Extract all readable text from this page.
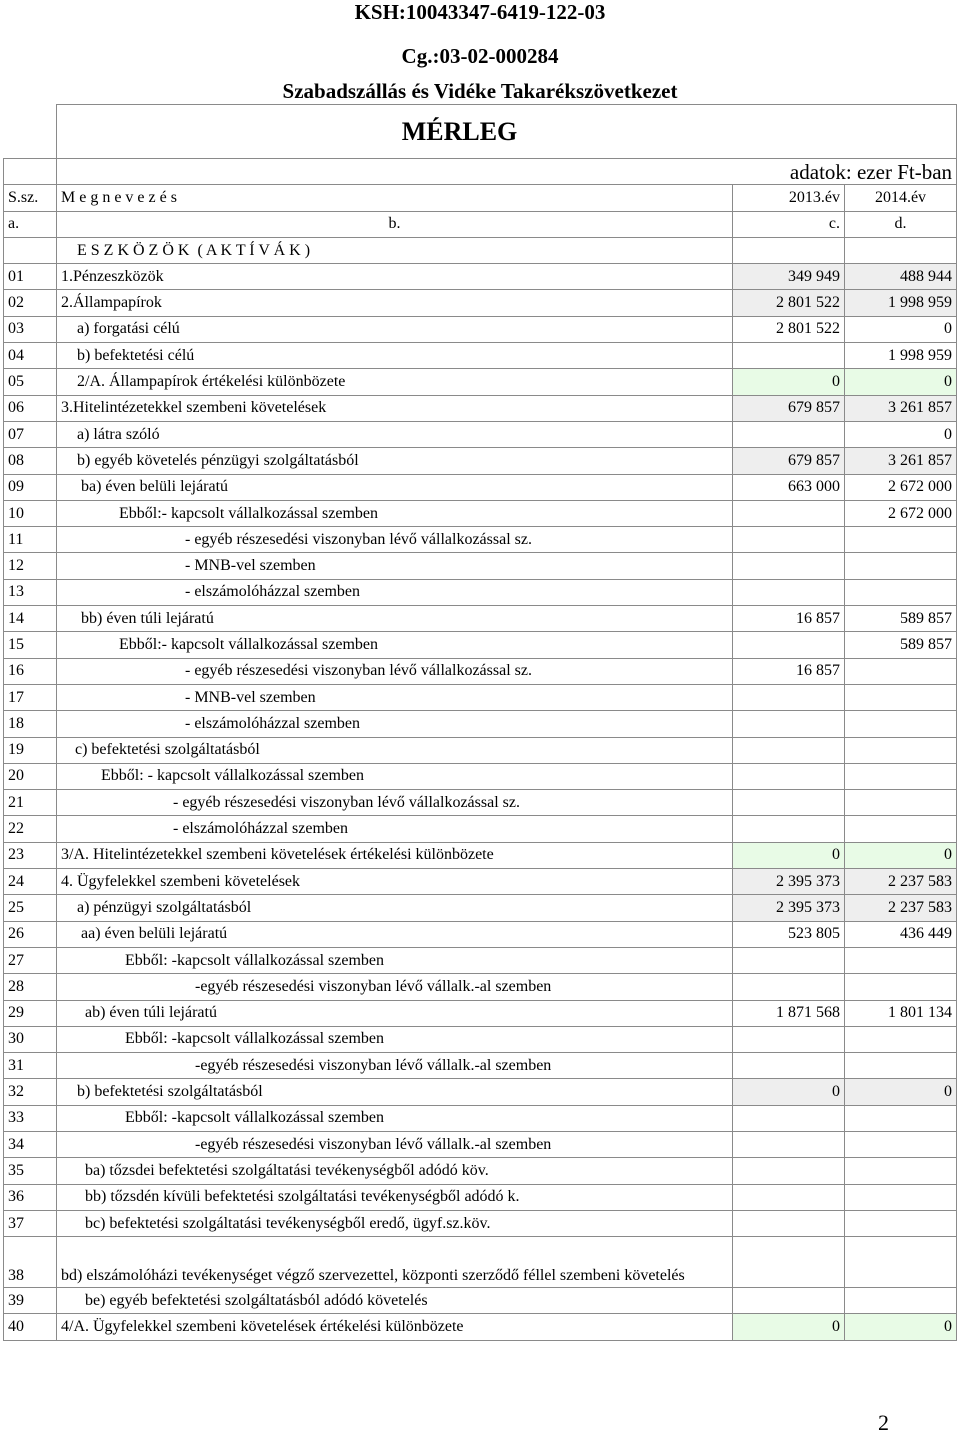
KSH:10043347-6419-122-03
Cg.:03-02-000284
Szabadszállás és Vidéke Takarékszövetkezet
	MÉRLEG		
	adatok: ezer Ft-ban		
S.sz.	M e g n e v e z é s	2013.év	2014.év
a.	b.	c.	d.
	E S Z K Ö Z Ö K  ( A K T Í V Á K )		
01	1.Pénzeszközök	349 949	488 944
02	2.Állampapírok	2 801 522	1 998 959
03	a) forgatási célú	2 801 522	0
04	b) befektetési célú		1 998 959
05	2/A. Állampapírok értékelési különbözete	0	0
06	3.Hitelintézetekkel szembeni követelések	679 857	3 261 857
07	a) látra szóló		0
08	b) egyéb követelés pénzügyi szolgáltatásból	679 857	3 261 857
09	ba) éven belüli lejáratú	663 000	2 672 000
10	Ebből:- kapcsolt vállalkozással szemben		2 672 000
11	- egyéb részesedési viszonyban lévő vállalkozással sz.		
12	- MNB-vel szemben		
13	- elszámolóházzal szemben		
14	bb) éven túli lejáratú	16 857	589 857
15	Ebből:- kapcsolt vállalkozással szemben		589 857
16	- egyéb részesedési viszonyban lévő vállalkozással sz.	16 857	
17	- MNB-vel szemben		
18	- elszámolóházzal szemben		
19	c) befektetési szolgáltatásból		
20	Ebből: - kapcsolt vállalkozással szemben		
21	- egyéb részesedési viszonyban lévő vállalkozással sz.		
22	- elszámolóházzal szemben		
23	3/A. Hitelintézetekkel szembeni követelések értékelési különbözete	0	0
24	4. Ügyfelekkel szembeni követelések	2 395 373	2 237 583
25	a) pénzügyi szolgáltatásból	2 395 373	2 237 583
26	aa) éven belüli lejáratú	523 805	436 449
27	Ebből: -kapcsolt vállalkozással szemben		
28	-egyéb részesedési viszonyban lévő vállalk.-al szemben		
29	ab) éven túli lejáratú	1 871 568	1 801 134
30	Ebből: -kapcsolt vállalkozással szemben		
31	-egyéb részesedési viszonyban lévő vállalk.-al szemben		
32	b) befektetési szolgáltatásból	0	0
33	Ebből: -kapcsolt vállalkozással szemben		
34	-egyéb részesedési viszonyban lévő vállalk.-al szemben		
35	ba) tőzsdei befektetési szolgáltatási tevékenységből adódó köv.		
36	bb) tőzsdén kívüli befektetési szolgáltatási tevékenységből adódó k.		
37	bc) befektetési szolgáltatási tevékenységből eredő, ügyf.sz.köv.		
38	bd) elszámolóházi tevékenységet végző szervezettel, központi szerződő féllel szembeni követelés		
39	be) egyéb befektetési szolgáltatásból adódó követelés		
40	4/A. Ügyfelekkel szembeni követelések értékelési különbözete	0	0
2
